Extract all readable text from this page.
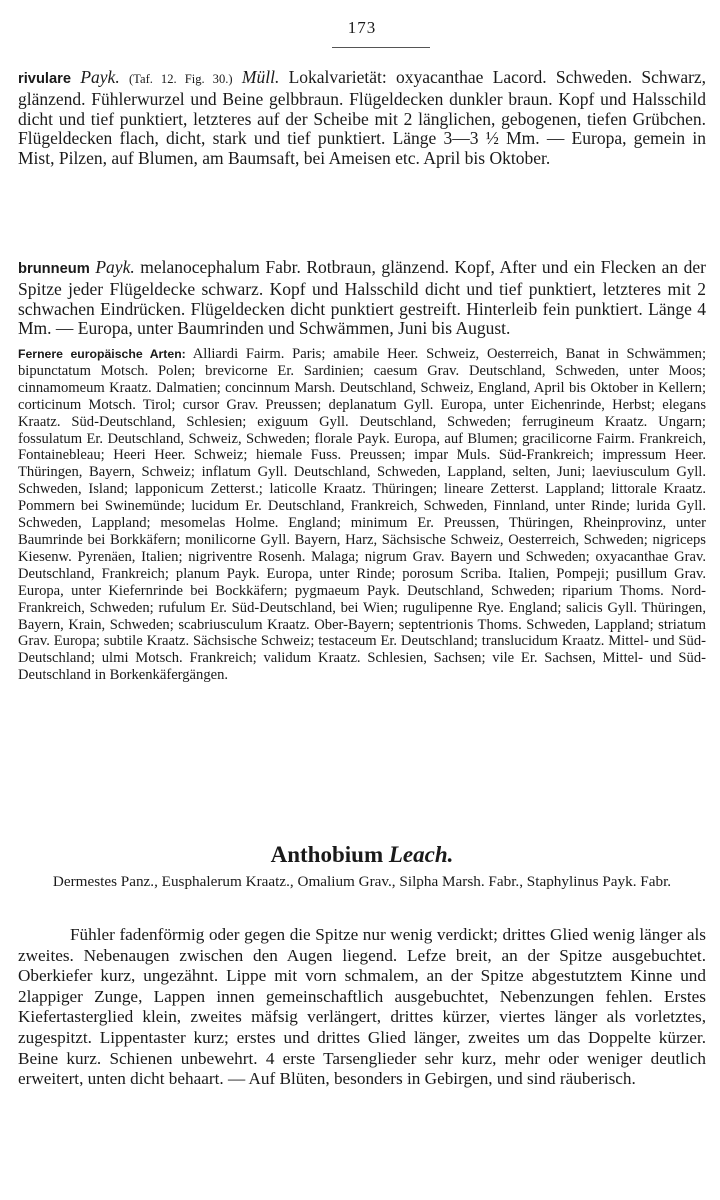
173

rivulare Payk. (Taf. 12. Fig. 30.) Müll. Lokalvarietät: oxyacanthae Lacord. Schweden. Schwarz, glänzend. Fühlerwurzel und Beine gelbbraun. Flügeldecken dunkler braun. Kopf und Halsschild dicht und tief punktiert, letzteres auf der Scheibe mit 2 länglichen, gebogenen, tiefen Grübchen. Flügeldecken flach, dicht, stark und tief punktiert. Länge 3—3 ½ Mm. — Europa, gemein in Mist, Pilzen, auf Blumen, am Baumsaft, bei Ameisen etc. April bis Oktober.

brunneum Payk. melanocephalum Fabr. Rotbraun, glänzend. Kopf, After und ein Flecken an der Spitze jeder Flügeldecke schwarz. Kopf und Halsschild dicht und tief punktiert, letzteres mit 2 schwachen Eindrücken. Flügeldecken dicht punktiert gestreift. Hinterleib fein punktiert. Länge 4 Mm. — Europa, unter Baumrinden und Schwämmen, Juni bis August.

Fernere europäische Arten: Alliardi Fairm. Paris; amabile Heer. Schweiz, Oesterreich, Banat in Schwämmen; bipunctatum Motsch. Polen; brevicorne Er. Sardinien; caesum Grav. Deutschland, Schweden, unter Moos; cinnamomeum Kraatz. Dalmatien; concinnum Marsh. Deutschland, Schweiz, England, April bis Oktober in Kellern; corticinum Motsch. Tirol; cursor Grav. Preussen; deplanatum Gyll. Europa, unter Eichenrinde, Herbst; elegans Kraatz. Süd-Deutschland, Schlesien; exiguum Gyll. Deutschland, Schweden; ferrugineum Kraatz. Ungarn; fossulatum Er. Deutschland, Schweiz, Schweden; florale Payk. Europa, auf Blumen; gracilicorne Fairm. Frankreich, Fontainebleau; Heeri Heer. Schweiz; hiemale Fuss. Preussen; impar Muls. Süd-Frankreich; impressum Heer. Thüringen, Bayern, Schweiz; inflatum Gyll. Deutschland, Schweden, Lappland, selten, Juni; laeviusculum Gyll. Schweden, Island; lapponicum Zetterst.; laticolle Kraatz. Thüringen; lineare Zetterst. Lappland; littorale Kraatz. Pommern bei Swinemünde; lucidum Er. Deutschland, Frankreich, Schweden, Finnland, unter Rinde; lurida Gyll. Schweden, Lappland; mesomelas Holme. England; minimum Er. Preussen, Thüringen, Rheinprovinz, unter Baumrinde bei Borkkäfern; monilicorne Gyll. Bayern, Harz, Sächsische Schweiz, Oesterreich, Schweden; nigriceps Kiesenw. Pyrenäen, Italien; nigriventre Rosenh. Malaga; nigrum Grav. Bayern und Schweden; oxyacanthae Grav. Deutschland, Frankreich; planum Payk. Europa, unter Rinde; porosum Scriba. Italien, Pompeji; pusillum Grav. Europa, unter Kiefernrinde bei Bockkäfern; pygmaeum Payk. Deutschland, Schweden; riparium Thoms. Nord-Frankreich, Schweden; rufulum Er. Süd-Deutschland, bei Wien; rugulipenne Rye. England; salicis Gyll. Thüringen, Bayern, Krain, Schweden; scabriusculum Kraatz. Ober-Bayern; septentrionis Thoms. Schweden, Lappland; striatum Grav. Europa; subtile Kraatz. Sächsische Schweiz; testaceum Er. Deutschland; translucidum Kraatz. Mittel- und Süd-Deutschland; ulmi Motsch. Frankreich; validum Kraatz. Schlesien, Sachsen; vile Er. Sachsen, Mittel- und Süd-Deutschland in Borkenkäfergängen.

Anthobium Leach.

Dermestes Panz., Eusphalerum Kraatz., Omalium Grav., Silpha Marsh. Fabr., Staphylinus Payk. Fabr.

Fühler fadenförmig oder gegen die Spitze nur wenig verdickt; drittes Glied wenig länger als zweites. Nebenaugen zwischen den Augen liegend. Lefze breit, an der Spitze ausgebuchtet. Oberkiefer kurz, ungezähnt. Lippe mit vorn schmalem, an der Spitze abgestutztem Kinne und 2lappiger Zunge, Lappen innen gemeinschaftlich ausgebuchtet, Nebenzungen fehlen. Erstes Kiefertasterglied klein, zweites mäfsig verlängert, drittes kürzer, viertes länger als vorletztes, zugespitzt. Lippentaster kurz; erstes und drittes Glied länger, zweites um das Doppelte kürzer. Beine kurz. Schienen unbewehrt. 4 erste Tarsenglieder sehr kurz, mehr oder weniger deutlich erweitert, unten dicht behaart. — Auf Blüten, besonders in Gebirgen, und sind räuberisch.
